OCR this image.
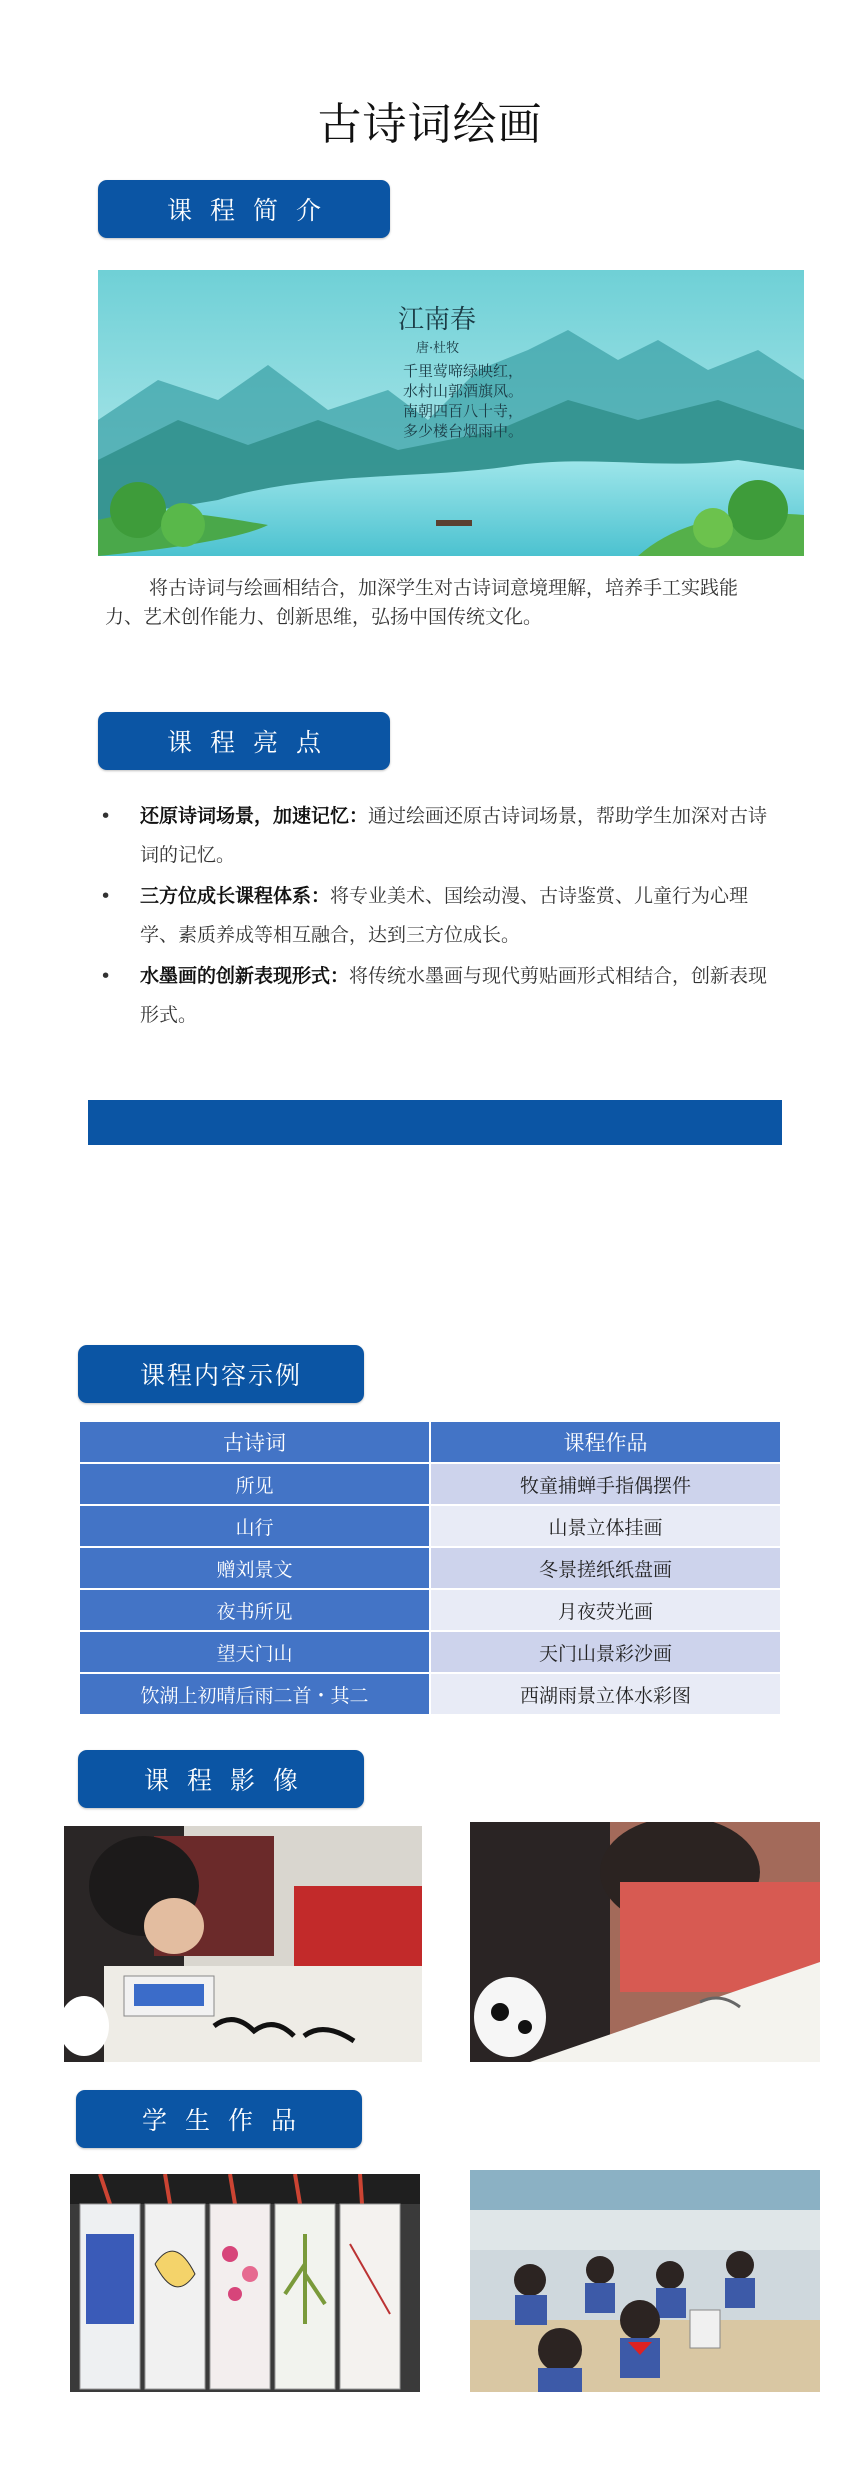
古诗词绘画
课程简介
江南春
唐·杜牧
千里莺啼绿映红，
水村山郭酒旗风。
南朝四百八十寺，
多少楼台烟雨中。
将古诗词与绘画相结合，加深学生对古诗词意境理解，培养手工实践能力、艺术创作能力、创新思维，弘扬中国传统文化。
课程亮点
• 还原诗词场景，加速记忆：通过绘画还原古诗词场景，帮助学生加深对古诗词的记忆。
• 三方位成长课程体系：将专业美术、国绘动漫、古诗鉴赏、儿童行为心理学、素质养成等相互融合，达到三方位成长。
• 水墨画的创新表现形式：将传统水墨画与现代剪贴画形式相结合，创新表现形式。
课程内容示例
古诗词	课程作品
所见	牧童捕蝉手指偶摆件
山行	山景立体挂画
赠刘景文	冬景搓纸纸盘画
夜书所见	月夜荧光画
望天门山	天门山景彩沙画
饮湖上初晴后雨二首・其二	西湖雨景立体水彩图
课程影像
学生作品
